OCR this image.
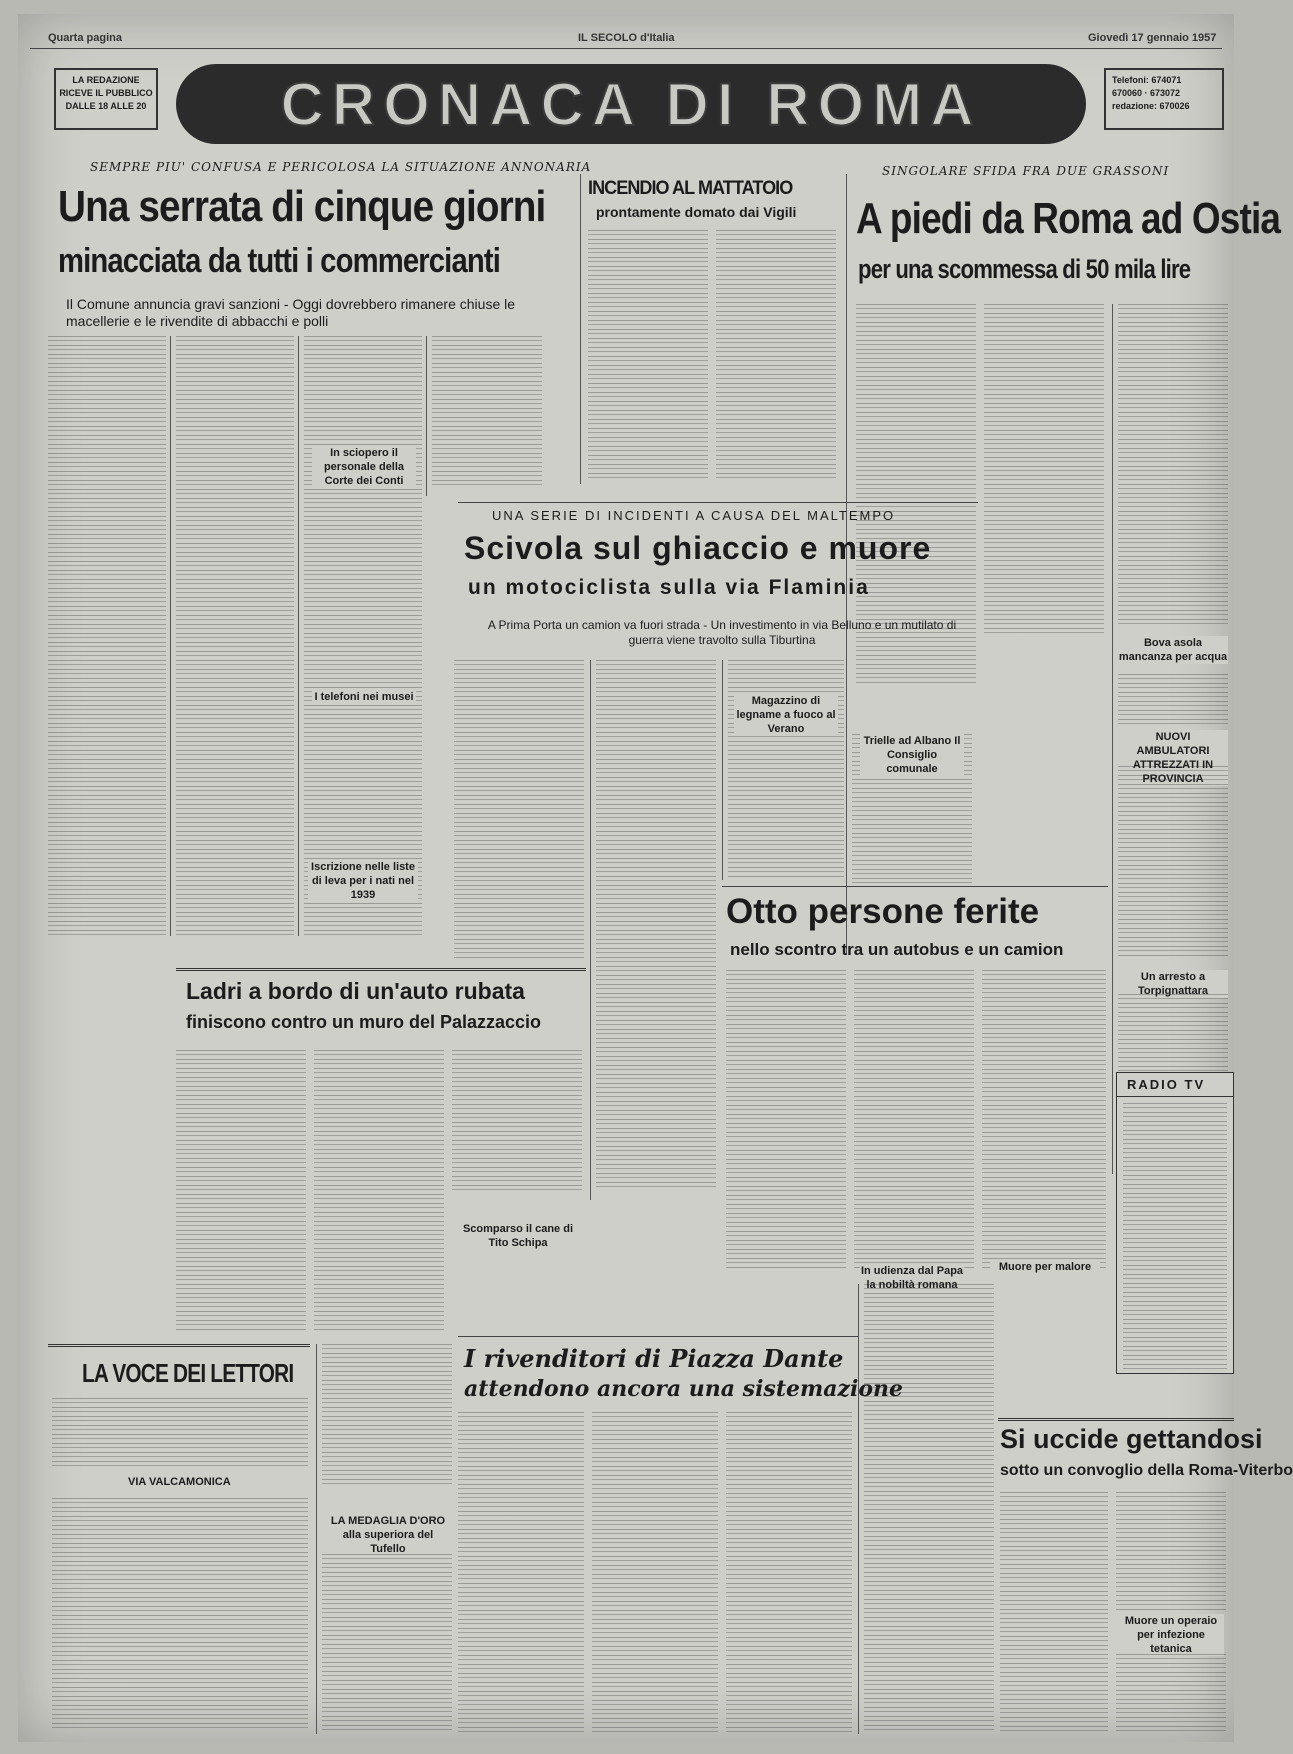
Quarta pagina	IL SECOLO d'Italia	Giovedì 17 gennaio 1957
LA REDAZIONE RICEVE IL PUBBLICO DALLE 18 ALLE 20 CRONACA DI ROMA	Telefoni: 674071
670060 · 673072
redazione: 670026
SEMPRE PIU' CONFUSA E PERICOLOSA LA SITUAZIONE ANNONARIA
Una serrata di cinque giorni
minacciata da tutti i commercianti
Il Comune annuncia gravi sanzioni - Oggi dovrebbero rimanere chiuse le macellerie e le rivendite di abbacchi e polli
In sciopero il personale della Corte dei Conti
I telefoni nei musei
Iscrizione nelle liste di leva per i nati nel 1939
INCENDIO AL MATTATOIO
prontamente domato dai Vigili
SINGOLARE SFIDA FRA DUE GRASSONI
A piedi da Roma ad Ostia
per una scommessa di 50 mila lire
Bova asola mancanza per acqua
NUOVI AMBULATORI ATTREZZATI IN PROVINCIA
Un arresto a Torpignattara
UNA SERIE DI INCIDENTI A CAUSA DEL MALTEMPO
Scivola sul ghiaccio e muore
un motociclista sulla via Flaminia
A Prima Porta un camion va fuori strada - Un investimento in via Belluno e un mutilato di guerra viene travolto sulla Tiburtina
Magazzino di legname a fuoco al Verano
Trielle ad Albano Il Consiglio comunale
Ladri a bordo di un'auto rubata
finiscono contro un muro del Palazzaccio
Scomparso il cane di Tito Schipa
Otto persone ferite
nello scontro tra un autobus e un camion
In udienza dal Papa la nobiltà romana
Muore per malore
RADIO TV
LA VOCE DEI LETTORI
VIA VALCAMONICA
LA MEDAGLIA D'ORO alla superiora del Tufello
I rivenditori di Piazza Dante
attendono ancora una sistemazione
Si uccide gettandosi
sotto un convoglio della Roma-Viterbo
Muore un operaio per infezione tetanica
